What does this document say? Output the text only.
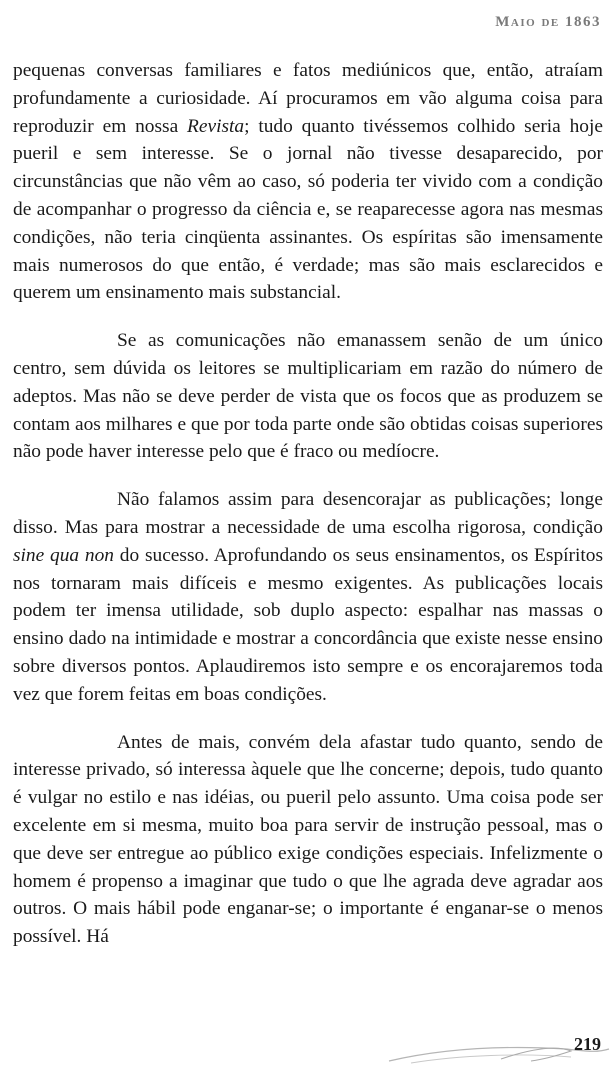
Maio de 1863

pequenas conversas familiares e fatos mediúnicos que, então, atraíam profundamente a curiosidade. Aí procuramos em vão alguma coisa para reproduzir em nossa Revista; tudo quanto tivéssemos colhido seria hoje pueril e sem interesse. Se o jornal não tivesse desaparecido, por circunstâncias que não vêm ao caso, só poderia ter vivido com a condição de acompanhar o progresso da ciência e, se reaparecesse agora nas mesmas condições, não teria cinqüenta assinantes. Os espíritas são imensamente mais numerosos do que então, é verdade; mas são mais esclarecidos e querem um ensinamento mais substancial.

Se as comunicações não emanassem senão de um único centro, sem dúvida os leitores se multiplicariam em razão do número de adeptos. Mas não se deve perder de vista que os focos que as produzem se contam aos milhares e que por toda parte onde são obtidas coisas superiores não pode haver interesse pelo que é fraco ou medíocre.

Não falamos assim para desencorajar as publicações; longe disso. Mas para mostrar a necessidade de uma escolha rigorosa, condição sine qua non do sucesso. Aprofundando os seus ensinamentos, os Espíritos nos tornaram mais difíceis e mesmo exigentes. As publicações locais podem ter imensa utilidade, sob duplo aspecto: espalhar nas massas o ensino dado na intimidade e mostrar a concordância que existe nesse ensino sobre diversos pontos. Aplaudiremos isto sempre e os encorajaremos toda vez que forem feitas em boas condições.

Antes de mais, convém dela afastar tudo quanto, sendo de interesse privado, só interessa àquele que lhe concerne; depois, tudo quanto é vulgar no estilo e nas idéias, ou pueril pelo assunto. Uma coisa pode ser excelente em si mesma, muito boa para servir de instrução pessoal, mas o que deve ser entregue ao público exige condições especiais. Infelizmente o homem é propenso a imaginar que tudo o que lhe agrada deve agradar aos outros. O mais hábil pode enganar-se; o importante é enganar-se o menos possível. Há

219
